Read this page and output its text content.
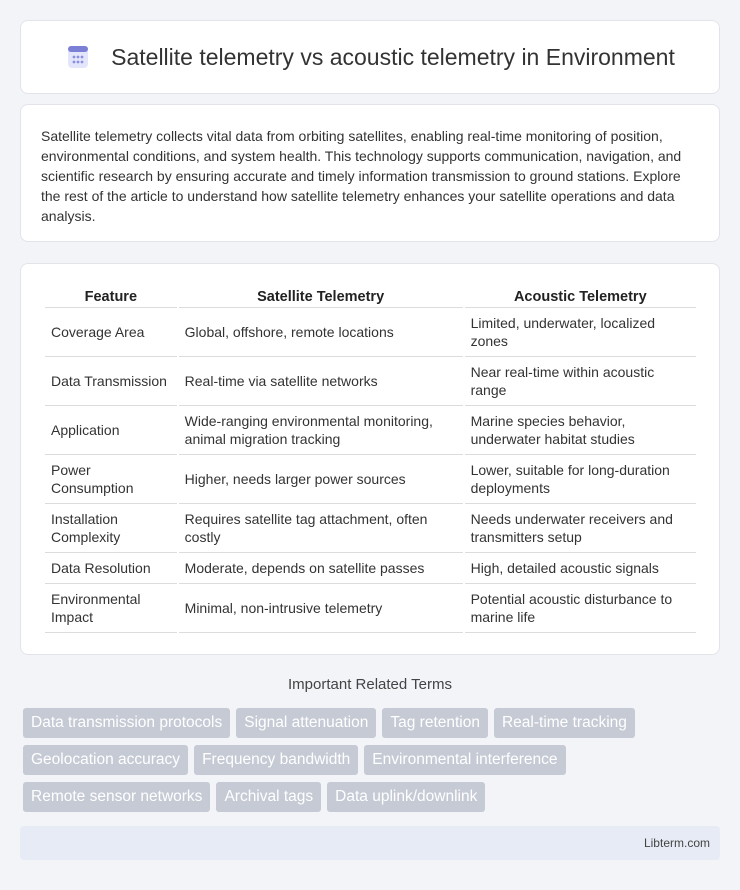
Satellite telemetry vs acoustic telemetry in Environment

Satellite telemetry collects vital data from orbiting satellites, enabling real-time monitoring of position, environmental conditions, and system health. This technology supports communication, navigation, and scientific research by ensuring accurate and timely information transmission to ground stations. Explore the rest of the article to understand how satellite telemetry enhances your satellite operations and data analysis.

Feature	Satellite Telemetry	Acoustic Telemetry
Coverage Area	Global, offshore, remote locations	Limited, underwater, localized zones
Data Transmission	Real-time via satellite networks	Near real-time within acoustic range
Application	Wide-ranging environmental monitoring, animal migration tracking	Marine species behavior, underwater habitat studies
Power Consumption	Higher, needs larger power sources	Lower, suitable for long-duration deployments
Installation Complexity	Requires satellite tag attachment, often costly	Needs underwater receivers and transmitters setup
Data Resolution	Moderate, depends on satellite passes	High, detailed acoustic signals
Environmental Impact	Minimal, non-intrusive telemetry	Potential acoustic disturbance to marine life
Important Related Terms
Data transmission protocols	Signal attenuation	Tag retention	Real-time tracking
Geolocation accuracy	Frequency bandwidth	Environmental interference
Remote sensor networks	Archival tags	Data uplink/downlink
Libterm.com
